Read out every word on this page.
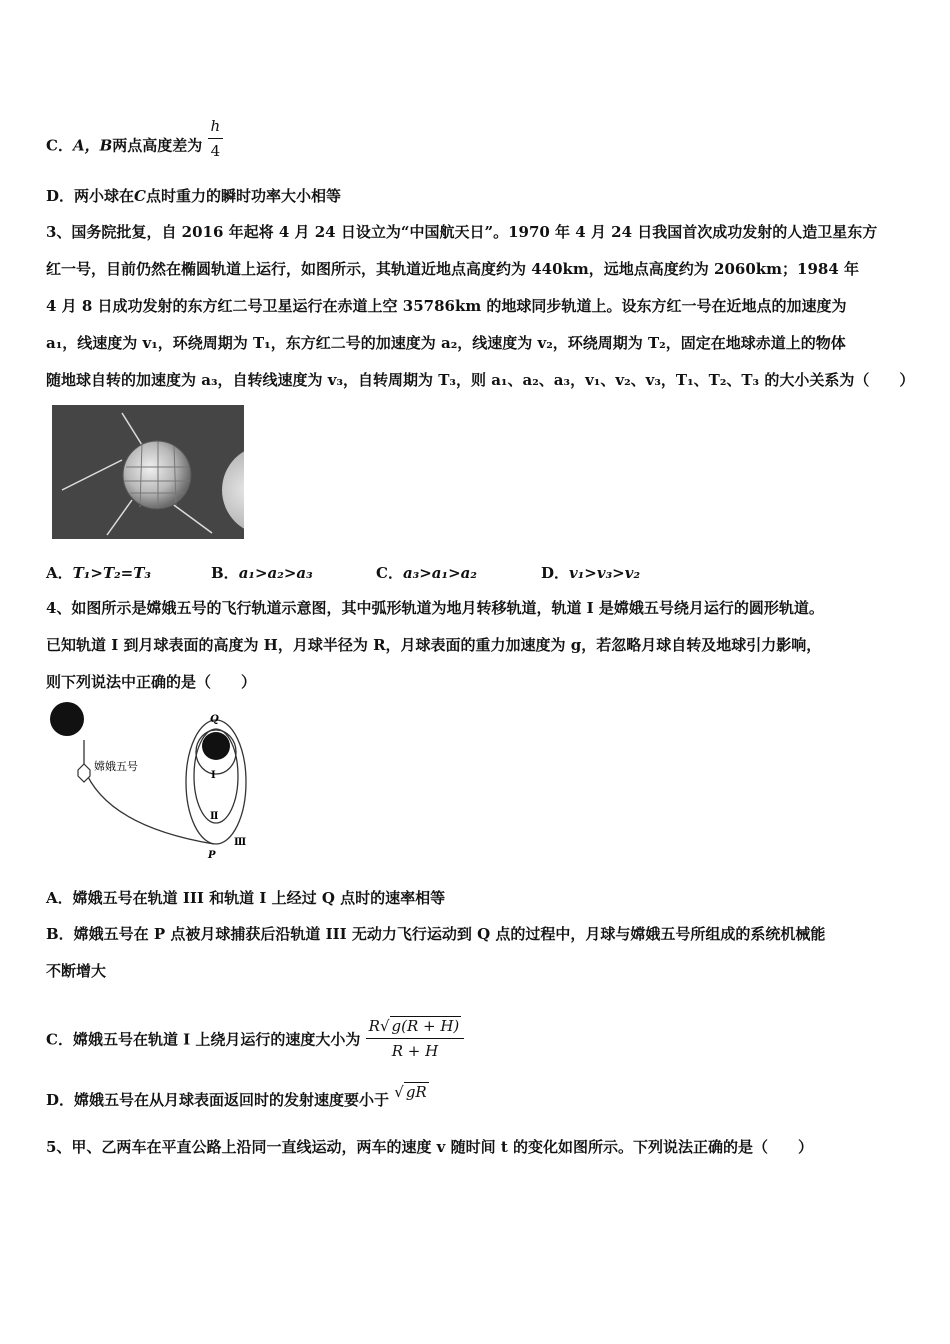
C．A，B两点高度差为 $\frac{h}{4}$
D．两小球在C点时重力的瞬时功率大小相等
3、国务院批复，自 2016 年起将 4 月 24 日设立为“中国航天日”。1970 年 4 月 24 日我国首次成功发射的人造卫星东方
红一号，目前仍然在椭圆轨道上运行，如图所示，其轨道近地点高度约为 440km，远地点高度约为 2060km；1984 年
4 月 8 日成功发射的东方红二号卫星运行在赤道上空 35786km 的地球同步轨道上。设东方红一号在近地点的加速度为
a₁，线速度为 v₁，环绕周期为 T₁，东方红二号的加速度为 a₂，线速度为 v₂，环绕周期为 T₂，固定在地球赤道上的物体
随地球自转的加速度为 a₃，自转线速度为 v₃，自转周期为 T₃，则 a₁、a₂、a₃，v₁、v₂、v₃，T₁、T₂、T₃ 的大小关系为（　　）
A．T₁>T₂=T₃	B．a₁>a₂>a₃	C．a₃>a₁>a₂	D．v₁>v₃>v₂
4、如图所示是嫦娥五号的飞行轨道示意图，其中弧形轨道为地月转移轨道，轨道 I 是嫦娥五号绕月运行的圆形轨道。
已知轨道 I 到月球表面的高度为 H，月球半径为 R，月球表面的重力加速度为 g，若忽略月球自转及地球引力影响，
则下列说法中正确的是（　　）
嫦娥五号
Q
P
Ⅰ
Ⅱ
Ⅲ
A．嫦娥五号在轨道 III 和轨道 I 上经过 Q 点时的速率相等
B．嫦娥五号在 P 点被月球捕获后沿轨道 III 无动力飞行运动到 Q 点的过程中，月球与嫦娥五号所组成的系统机械能
不断增大
C．嫦娥五号在轨道 I 上绕月运行的速度大小为 $\frac{R√ g(R + H)}{R + H}$
D．嫦娥五号在从月球表面返回时的发射速度要小于 √ gR
5、甲、乙两车在平直公路上沿同一直线运动，两车的速度 v 随时间 t 的变化如图所示。下列说法正确的是（　　）
